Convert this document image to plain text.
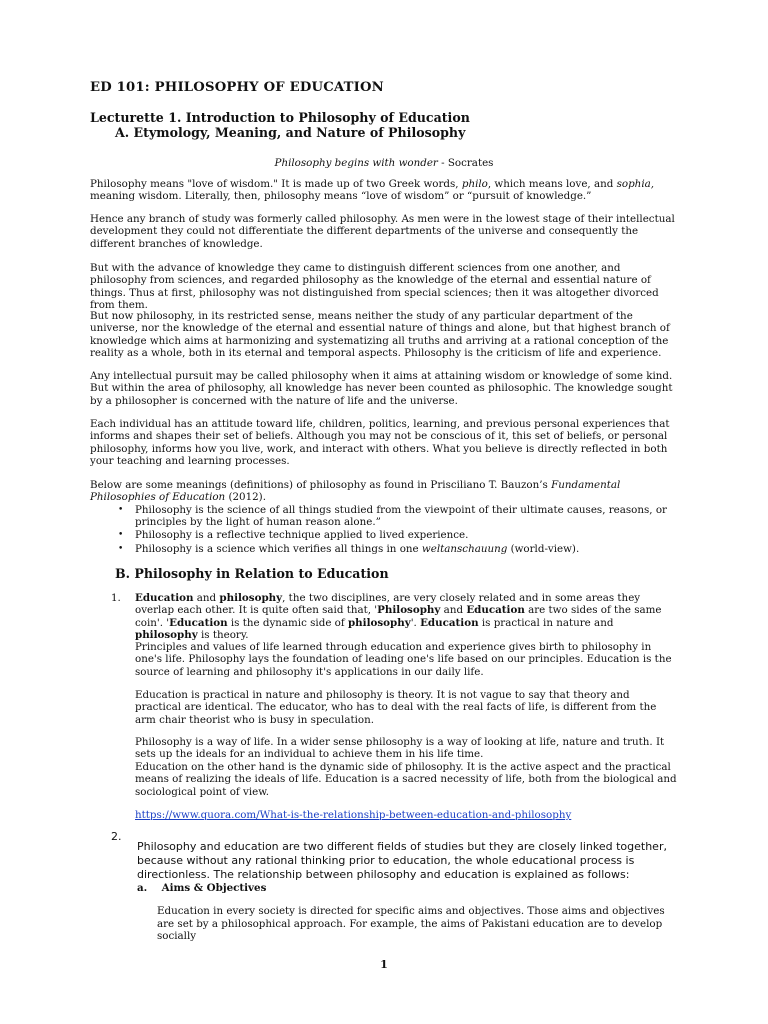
ED 101: PHILOSOPHY OF EDUCATION
Lecturette 1. Introduction to Philosophy of Education
A. Etymology, Meaning, and Nature of Philosophy
Philosophy begins with wonder - Socrates

Philosophy means "love of wisdom." It is made up of two Greek words, philo, which means love, and sophia, meaning wisdom. Literally, then, philosophy means “love of wisdom” or “pursuit of knowledge.”

Hence any branch of study was formerly called philosophy. As men were in the lowest stage of their intellectual development they could not differentiate the different departments of the universe and consequently the different branches of knowledge.

But with the advance of knowledge they came to distinguish different sciences from one another, and philosophy from sciences, and regarded philosophy as the knowledge of the eternal and essential nature of things. Thus at first, philosophy was not distinguished from special sciences; then it was altogether divorced from them.

But now philosophy, in its restricted sense, means neither the study of any particular department of the universe, nor the knowledge of the eternal and essential nature of things and alone, but that highest branch of knowledge which aims at harmonizing and systematizing all truths and arriving at a rational conception of the reality as a whole, both in its eternal and temporal aspects. Philosophy is the criticism of life and experience.

Any intellectual pursuit may be called philosophy when it aims at attaining wisdom or knowledge of some kind. But within the area of philosophy, all knowledge has never been counted as philosophic. The knowledge sought by a philosopher is concerned with the nature of life and the universe.

Each individual has an attitude toward life, children, politics, learning, and previous personal experiences that informs and shapes their set of beliefs. Although you may not be conscious of it, this set of beliefs, or personal philosophy, informs how you live, work, and interact with others. What you believe is directly reflected in both your teaching and learning processes.

Below are some meanings (definitions) of philosophy as found in Prisciliano T. Bauzon’s Fundamental Philosophies of Education (2012).

• Philosophy is the science of all things studied from the viewpoint of their ultimate causes, reasons, or principles by the light of human reason alone.”

• Philosophy is a reflective technique applied to lived experience.

• Philosophy is a science which verifies all things in one weltanschauung (world-view).

B. Philosophy in Relation to Education
1. Education and philosophy, the two disciplines, are very closely related and in some areas they overlap each other. It is quite often said that, 'Philosophy and Education are two sides of the same coin'. 'Education is the dynamic side of philosophy'. Education is practical in nature and philosophy is theory.

Principles and values of life learned through education and experience gives birth to philosophy in one's life. Philosophy lays the foundation of leading one's life based on our principles. Education is the source of learning and philosophy it's applications in our daily life.

Education is practical in nature and philosophy is theory. It is not vague to say that theory and practical are identical. The educator, who has to deal with the real facts of life, is different from the arm chair theorist who is busy in speculation.

Philosophy is a way of life. In a wider sense philosophy is a way of looking at life, nature and truth. It sets up the ideals for an individual to achieve them in his life time.

Education on the other hand is the dynamic side of philosophy. It is the active aspect and the practical means of realizing the ideals of life. Education is a sacred necessity of life, both from the biological and sociological point of view.

https://www.quora.com/What-is-the-relationship-between-education-and-philosophy
2.

Philosophy and education are two different fields of studies but they are closely linked together, because without any rational thinking prior to education, the whole educational process is directionless. The relationship between philosophy and education is explained as follows:

a. Aims & Objectives

Education in every society is directed for specific aims and objectives. Those aims and objectives are set by a philosophical approach. For example, the aims of Pakistani education are to develop socially

1
